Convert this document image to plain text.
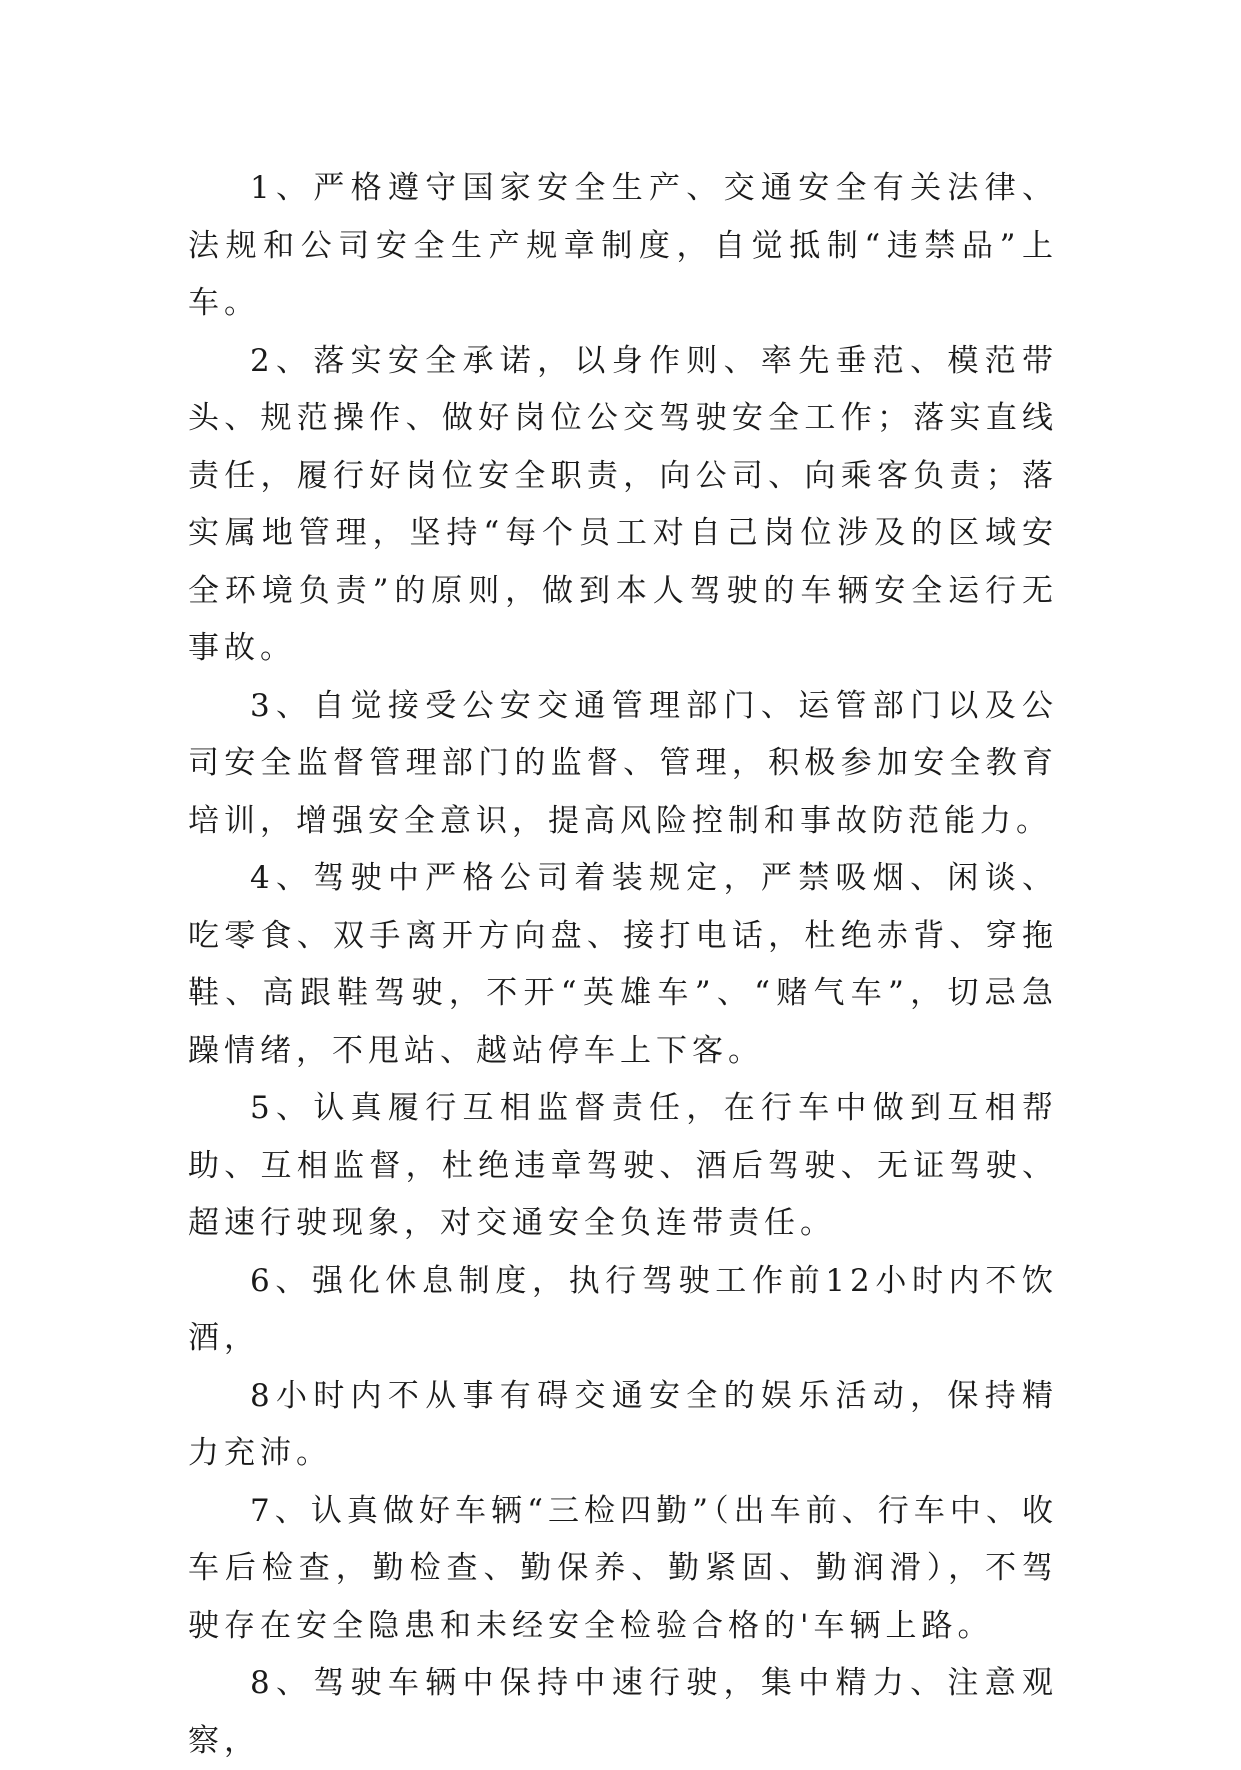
1、严格遵守国家安全生产、交通安全有关法律、法规和公司安全生产规章制度，自觉抵制“违禁品”上车。

2、落实安全承诺，以身作则、率先垂范、模范带头、规范操作、做好岗位公交驾驶安全工作；落实直线责任，履行好岗位安全职责，向公司、向乘客负责；落实属地管理，坚持“每个员工对自己岗位涉及的区域安全环境负责”的原则，做到本人驾驶的车辆安全运行无事故。

3、自觉接受公安交通管理部门、运管部门以及公司安全监督管理部门的监督、管理，积极参加安全教育培训，增强安全意识，提高风险控制和事故防范能力。

4、驾驶中严格公司着装规定，严禁吸烟、闲谈、吃零食、双手离开方向盘、接打电话，杜绝赤背、穿拖鞋、高跟鞋驾驶，不开“英雄车”、“赌气车”，切忌急躁情绪，不甩站、越站停车上下客。

5、认真履行互相监督责任，在行车中做到互相帮助、互相监督，杜绝违章驾驶、酒后驾驶、无证驾驶、超速行驶现象，对交通安全负连带责任。

6、强化休息制度，执行驾驶工作前12小时内不饮酒，

8小时内不从事有碍交通安全的娱乐活动，保持精力充沛。

7、认真做好车辆“三检四勤”（出车前、行车中、收车后检查，勤检查、勤保养、勤紧固、勤润滑），不驾驶存在安全隐患和未经安全检验合格的'车辆上路。

8、驾驶车辆中保持中速行驶，集中精力、注意观察，
